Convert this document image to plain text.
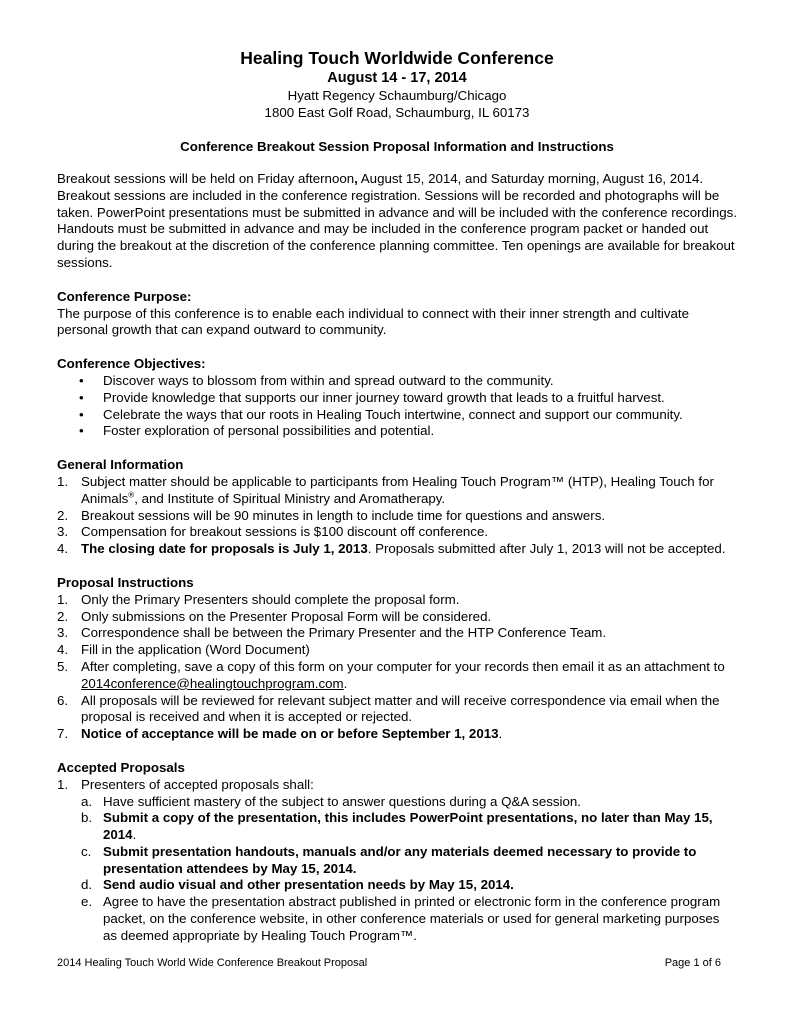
Healing Touch Worldwide Conference
August 14 - 17, 2014
Hyatt Regency Schaumburg/Chicago
1800 East Golf Road, Schaumburg, IL 60173
Conference Breakout Session Proposal Information and Instructions

Breakout sessions will be held on Friday afternoon, August 15, 2014, and Saturday morning, August 16, 2014. Breakout sessions are included in the conference registration. Sessions will be recorded and photographs will be taken. PowerPoint presentations must be submitted in advance and will be included with the conference recordings. Handouts must be submitted in advance and may be included in the conference program packet or handed out during the breakout at the discretion of the conference planning committee. Ten openings are available for breakout sessions.

Conference Purpose:

The purpose of this conference is to enable each individual to connect with their inner strength and cultivate personal growth that can expand outward to community.

Conference Objectives:
• Discover ways to blossom from within and spread outward to the community.
• Provide knowledge that supports our inner journey toward growth that leads to a fruitful harvest.
• Celebrate the ways that our roots in Healing Touch intertwine, connect and support our community.
• Foster exploration of personal possibilities and potential.
General Information
1. Subject matter should be applicable to participants from Healing Touch Program™ (HTP), Healing Touch for Animals®, and Institute of Spiritual Ministry and Aromatherapy.
2. Breakout sessions will be 90 minutes in length to include time for questions and answers.
3. Compensation for breakout sessions is $100 discount off conference.
4. The closing date for proposals is July 1, 2013. Proposals submitted after July 1, 2013 will not be accepted.
Proposal Instructions
1. Only the Primary Presenters should complete the proposal form.
2. Only submissions on the Presenter Proposal Form will be considered.
3. Correspondence shall be between the Primary Presenter and the HTP Conference Team.
4. Fill in the application (Word Document)
5. After completing, save a copy of this form on your computer for your records then email it as an attachment to 2014conference@healingtouchprogram.com.
6. All proposals will be reviewed for relevant subject matter and will receive correspondence via email when the proposal is received and when it is accepted or rejected.
7. Notice of acceptance will be made on or before September 1, 2013.
Accepted Proposals
1. Presenters of accepted proposals shall:
a. Have sufficient mastery of the subject to answer questions during a Q&A session.
b. Submit a copy of the presentation, this includes PowerPoint presentations, no later than May 15, 2014.
c. Submit presentation handouts, manuals and/or any materials deemed necessary to provide to presentation attendees by May 15, 2014.
d. Send audio visual and other presentation needs by May 15, 2014.
e. Agree to have the presentation abstract published in printed or electronic form in the conference program packet, on the conference website, in other conference materials or used for general marketing purposes as deemed appropriate by Healing Touch Program™.
2014 Healing Touch World Wide Conference Breakout Proposal	Page 1 of 6
